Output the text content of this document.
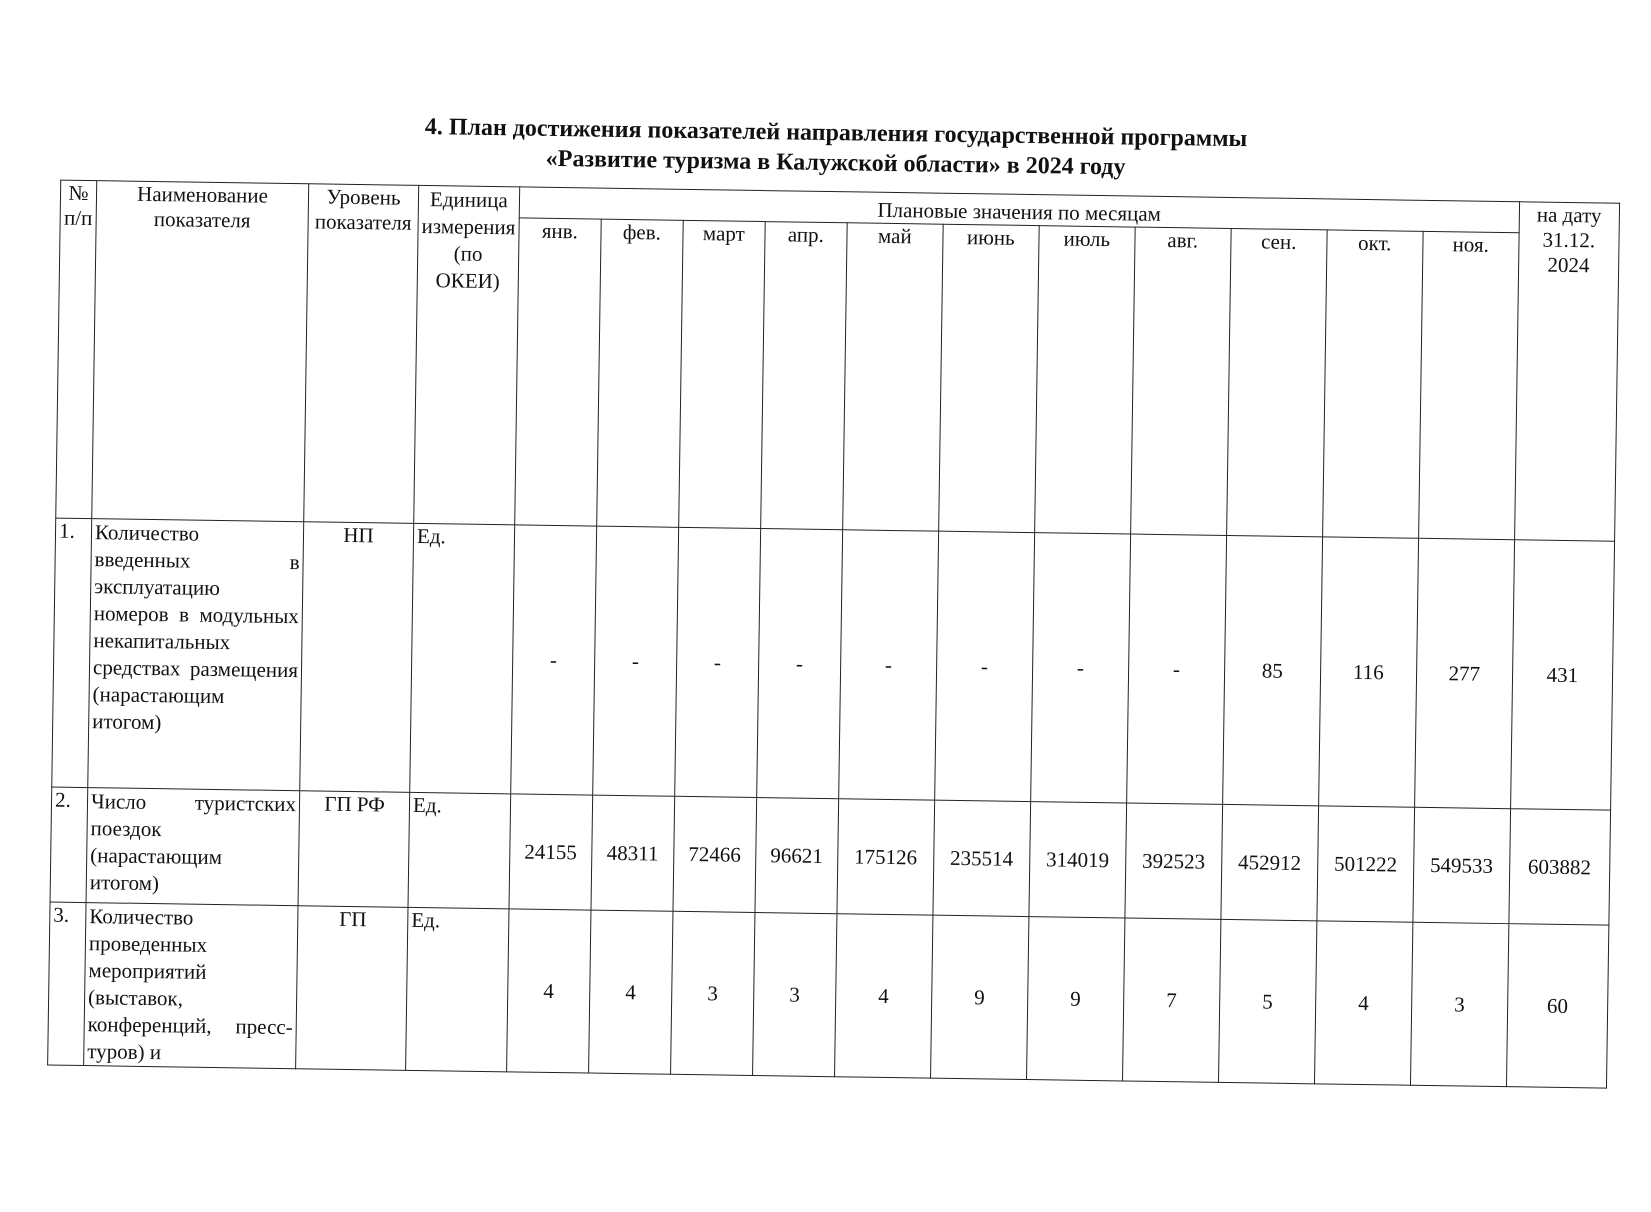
4. План достижения показателей направления государственной программы
«Развитие туризма в Калужской области» в 2024 году
№ п/п	Наименование показателя	Уровень показателя	Единица измерения (по ОКЕИ)	Плановые значения по месяцам											на дату 31.12. 2024
				янв.	фев.	март	апр.	май	июнь	июль	авг.	сен.	окт.	ноя.	
1.	Количество введенных в эксплуатацию номеров в модульных некапитальных средствах размещения (нарастающим итогом)	НП	Ед.	-	-	-	-	-	-	-	-	85	116	277	431
2.	Число туристских поездок (нарастающим итогом)	ГП РФ	Ед.	24155	48311	72466	96621	175126	235514	314019	392523	452912	501222	549533	603882
3.	Количество проведенных мероприятий (выставок, конференций, пресс-туров) и	ГП	Ед.	4	4	3	3	4	9	9	7	5	4	3	60
